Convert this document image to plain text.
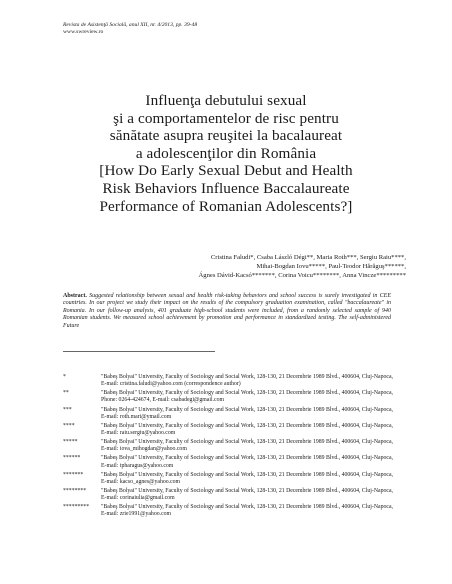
Revista de Asistenţă Socială, anul XII, nr. 4/2013, pp. 39-48
www.swreview.ro
Influenţa debutului sexual
şi a comportamentelor de risc pentru
sănătate asupra reuşitei la bacalaureat
a adolescenţilor din România
[How Do Early Sexual Debut and Health
Risk Behaviors Influence Baccalaureate
Performance of Romanian Adolescents?]
Cristina Faludi*, Csaba László Dégi**, Maria Roth***, Sergiu Raiu****,
Mihai-Bogdan Iovu*****, Paul-Teodor Hărăguş******,
Ágnes Dávid-Kacsó*******, Corina Voicu********, Anna Vincze*********
Abstract. Suggested relationship between sexual and health risk-taking behaviors and school success is surely investigated in CEE countries. In our project we study their impact on the results of the compulsory graduation examination, called "baccalaureate" in Romania. In our follow-up analysis, 401 graduate high-school students were included, from a randomly selected sample of 940 Romanian students. We measured school achievement by promotion and performance in standardized testing. The self-administered Future
*	"Babeş Bolyai" University, Faculty of Sociology and Social Work, 128-130, 21 Decembrie 1989 Blvd., 400604, Cluj-Napoca, E-mail: cristina.faludi@yahoo.com (correspondence author)
**	"Babeş Bolyai" University, Faculty of Sociology and Social Work, 128-130, 21 Decembrie 1989 Blvd., 400604, Cluj-Napoca, Phone: 0264-424674, E-mail: csabadegi@gmail.com
***	"Babeş Bolyai" University, Faculty of Sociology and Social Work, 128-130, 21 Decembrie 1989 Blvd., 400604, Cluj-Napoca, E-mail: roth.mari@ymail.com
****	"Babeş Bolyai" University, Faculty of Sociology and Social Work, 128-130, 21 Decembrie 1989 Blvd., 400604, Cluj-Napoca, E-mail: raiu.sergiu@yahoo.com
*****	"Babeş Bolyai" University, Faculty of Sociology and Social Work, 128-130, 21 Decembrie 1989 Blvd., 400604, Cluj-Napoca, E-mail: iova_mihogdan@yahoo.com
******	"Babeş Bolyai" University, Faculty of Sociology and Social Work, 128-130, 21 Decembrie 1989 Blvd., 400604, Cluj-Napoca, E-mail: tpharagus@yahoo.com
*******	"Babeş Bolyai" University, Faculty of Sociology and Social Work, 128-130, 21 Decembrie 1989 Blvd., 400604, Cluj-Napoca, E-mail: kacso_agnes@yahoo.com
********	"Babeş Bolyai" University, Faculty of Sociology and Social Work, 128-130, 21 Decembrie 1989 Blvd., 400604, Cluj-Napoca, E-mail: corinaiulia@gmail.com
*********	"Babeş Bolyai" University, Faculty of Sociology and Social Work, 128-130, 21 Decembrie 1989 Blvd., 400604, Cluj-Napoca, E-mail: zrie1991@yahoo.com
